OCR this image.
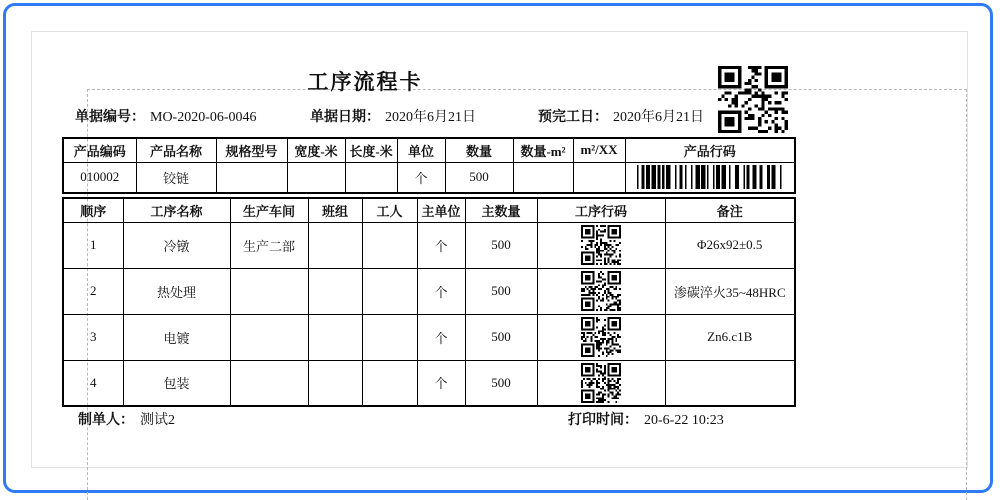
工序流程卡
单据编号： MO-2020-06-0046	单据日期： 2020年6月21日	预完工日： 2020年6月21日
产品编码	产品名称	规格型号	宽度-米	长度-米	单位	数量	数量-m²	m²/XX	产品行码
010002	铰链				个	500			
顺序	工序名称	生产车间	班组	工人	主单位	主数量	工序行码	备注
1	冷镦	生产二部			个	500		Φ26x92±0.5
2	热处理				个	500		渗碳淬火35~48HRC
3	电镀				个	500		Zn6.c1B
4	包装				个	500	

制单人： 测试2	打印时间： 20-6-22 10:23
